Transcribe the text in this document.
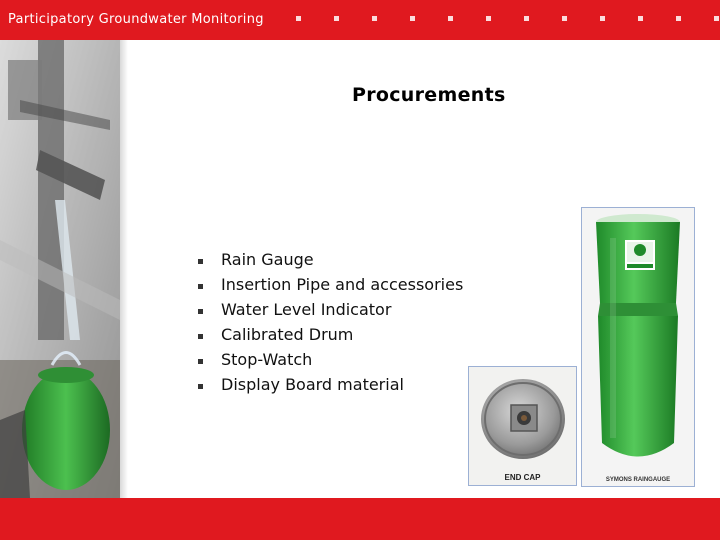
Participatory Groundwater Monitoring
Procurements
Rain Gauge
Insertion Pipe and accessories
Water Level Indicator
Calibrated Drum
Stop-Watch
Display Board material
SYMONS RAINGAUGE
END CAP
